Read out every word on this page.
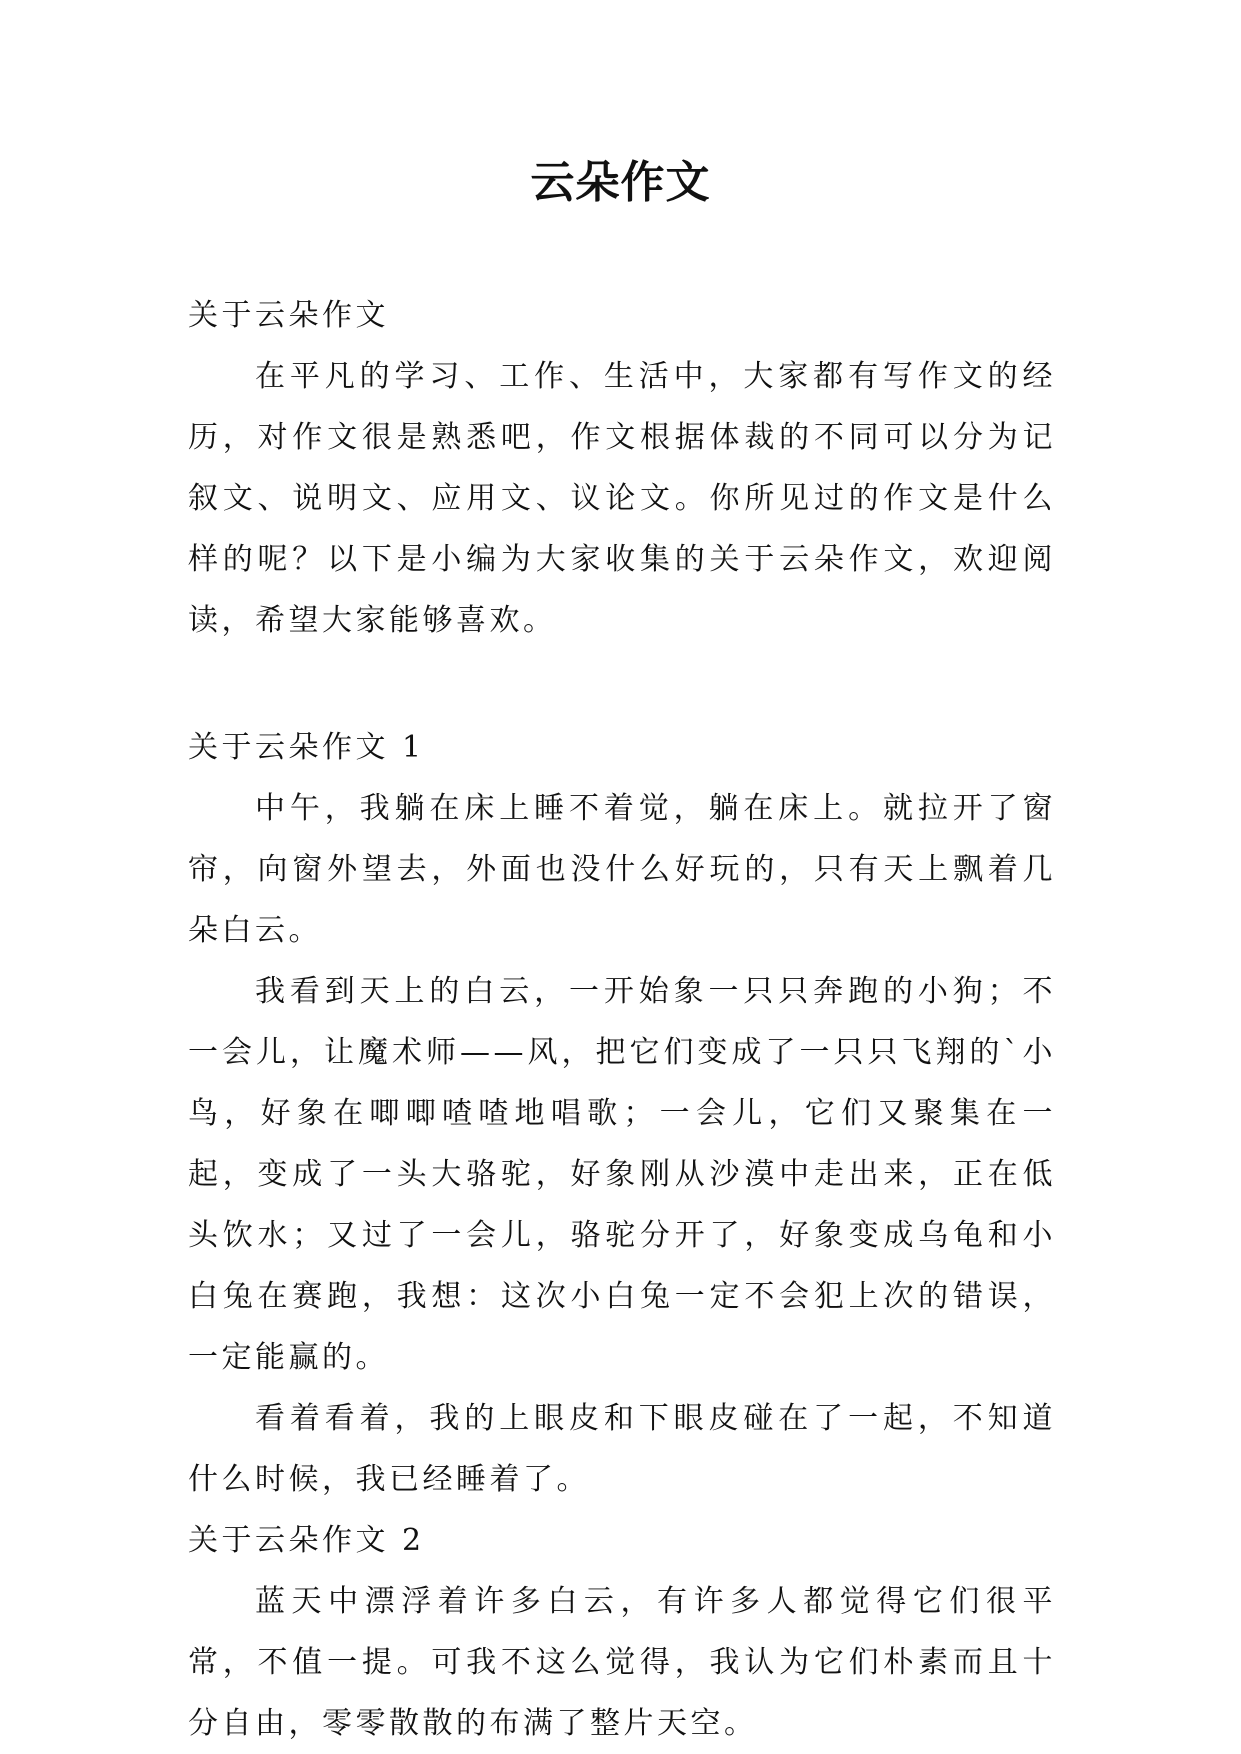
云朵作文
关于云朵作文

在平凡的学习、工作、生活中，大家都有写作文的经历，对作文很是熟悉吧，作文根据体裁的不同可以分为记叙文、说明文、应用文、议论文。你所见过的作文是什么样的呢？以下是小编为大家收集的关于云朵作文，欢迎阅读，希望大家能够喜欢。

关于云朵作文 1

中午，我躺在床上睡不着觉，躺在床上。就拉开了窗帘，向窗外望去，外面也没什么好玩的，只有天上飘着几朵白云。

我看到天上的白云，一开始象一只只奔跑的小狗；不一会儿，让魔术师——风，把它们变成了一只只飞翔的`小鸟，好象在唧唧喳喳地唱歌；一会儿，它们又聚集在一起，变成了一头大骆驼，好象刚从沙漠中走出来，正在低头饮水；又过了一会儿，骆驼分开了，好象变成乌龟和小白兔在赛跑，我想：这次小白兔一定不会犯上次的错误，一定能赢的。

看着看着，我的上眼皮和下眼皮碰在了一起，不知道什么时候，我已经睡着了。

关于云朵作文 2

蓝天中漂浮着许多白云，有许多人都觉得它们很平常，不值一提。可我不这么觉得，我认为它们朴素而且十分自由，零零散散的布满了整片天空。
